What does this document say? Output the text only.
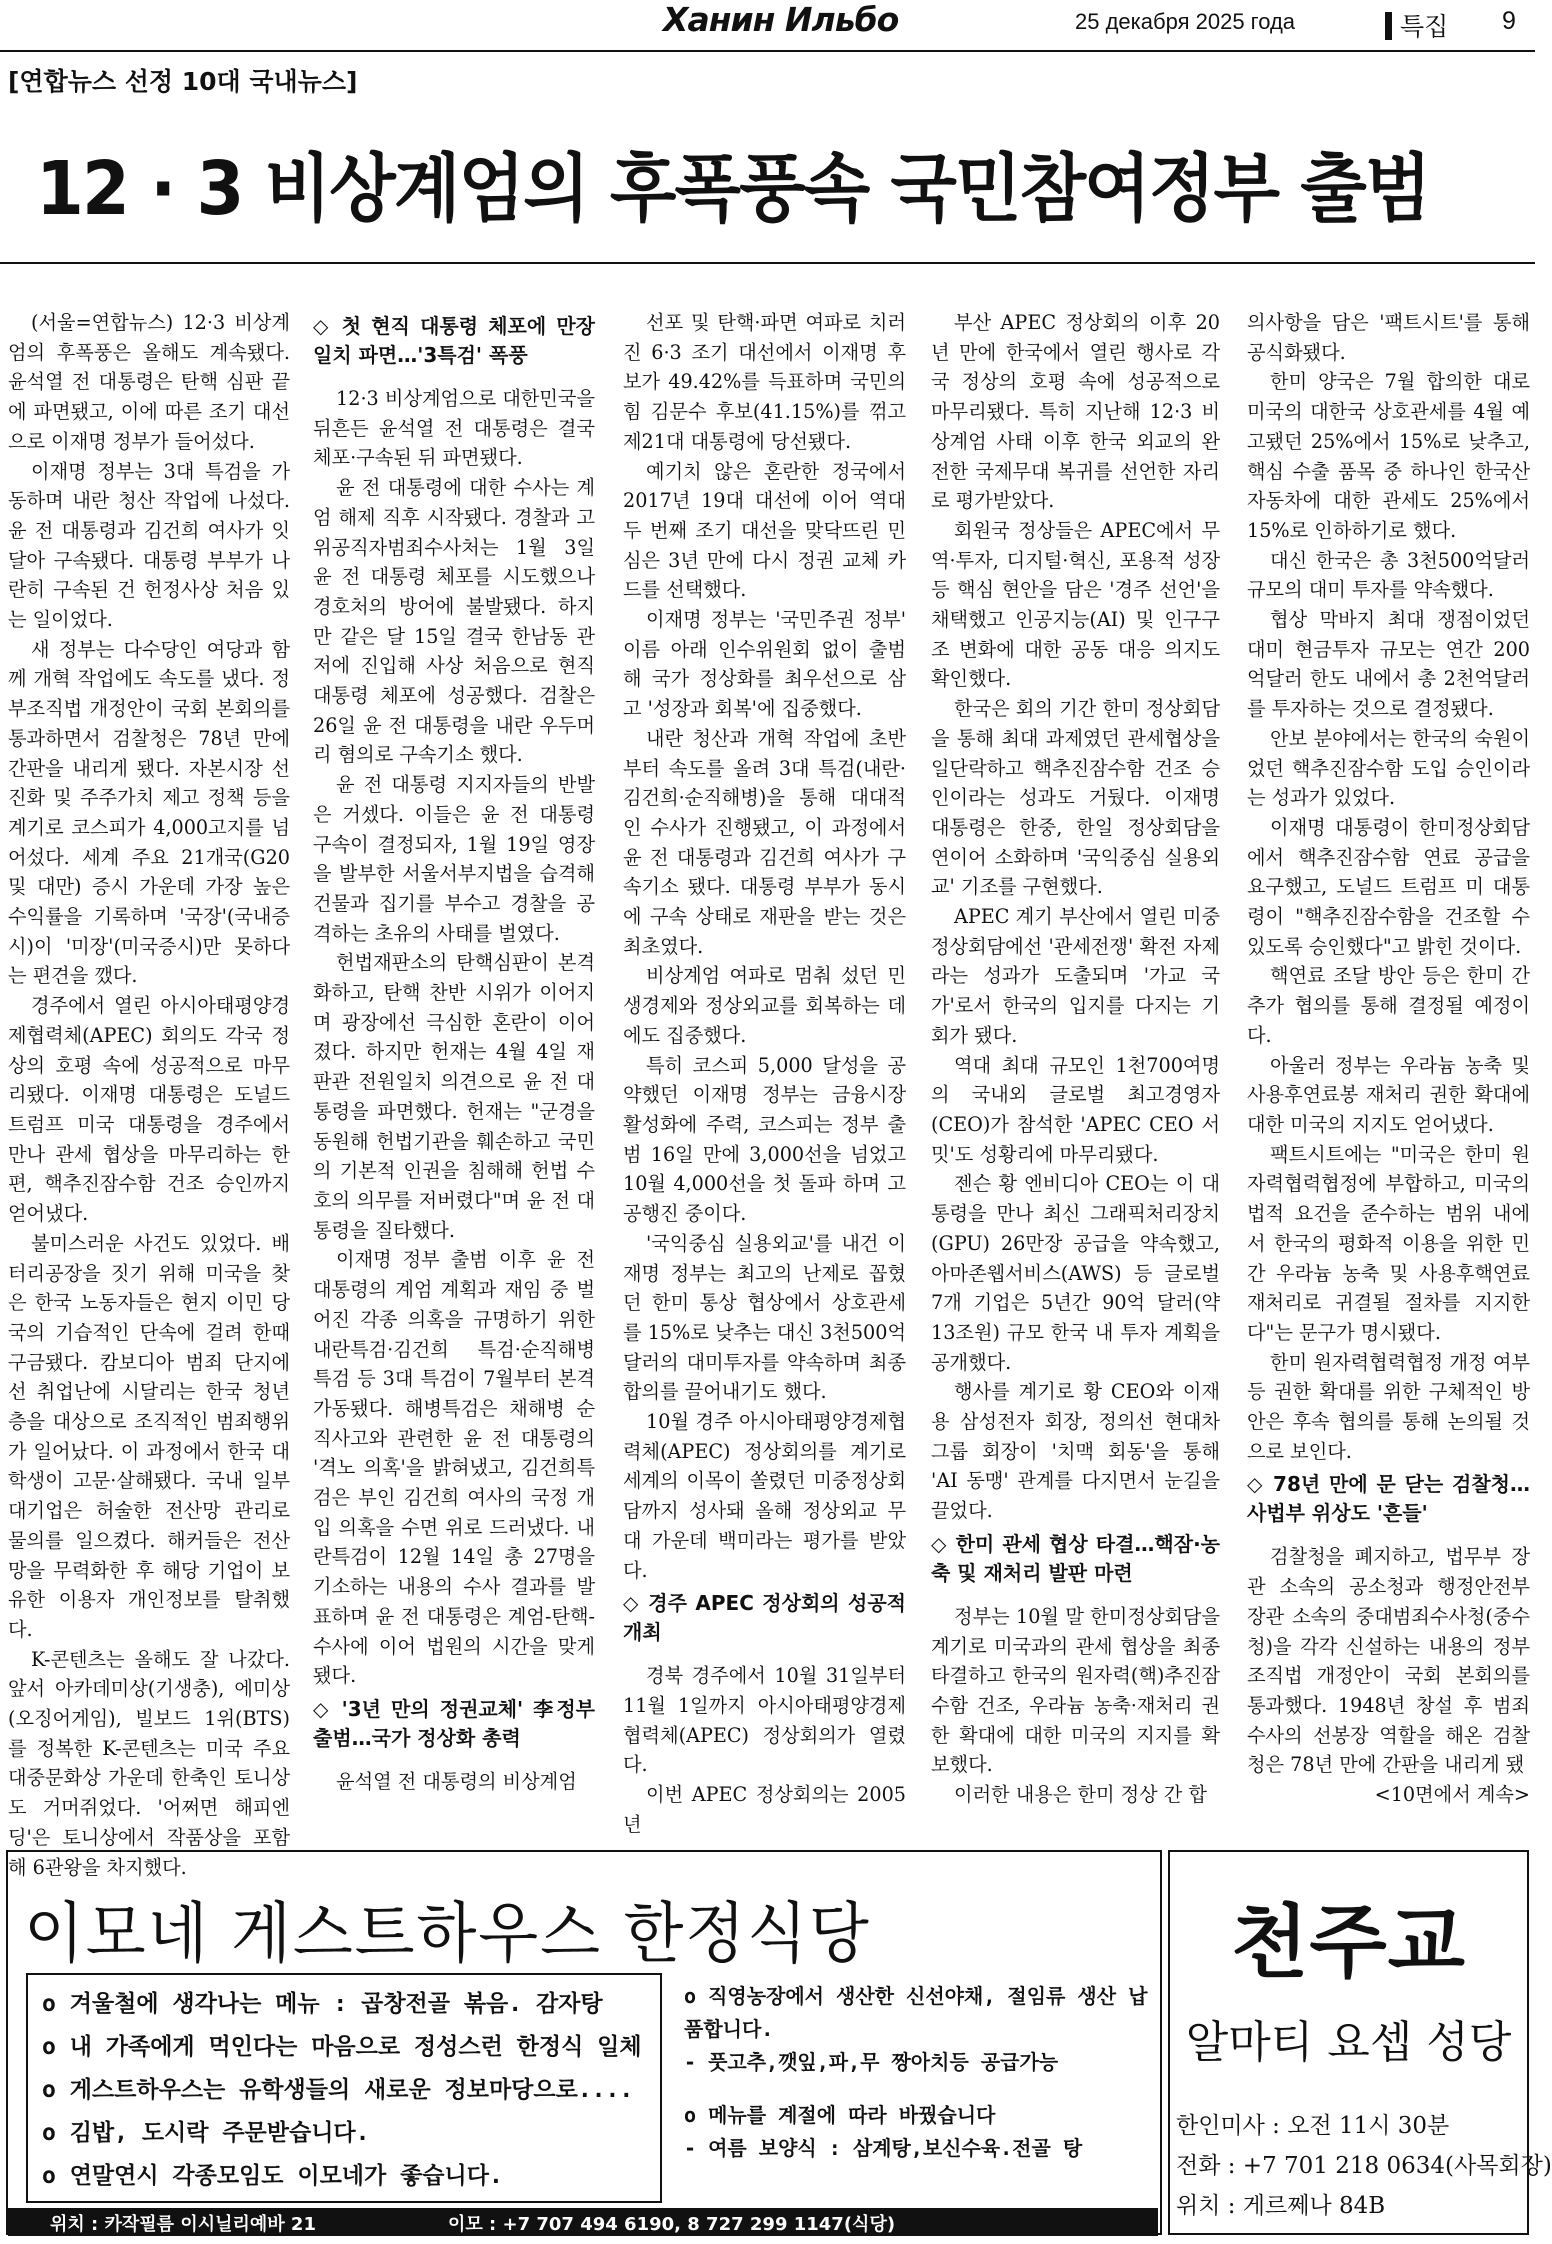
Ханин Ильбо	25 декабря 2025 года	특집 9
[연합뉴스 선정 10대 국내뉴스]
12 · 3 비상계엄의 후폭풍속 국민참여정부 출범

(서울=연합뉴스) 12·3 비상계엄의 후폭풍은 올해도 계속됐다. 윤석열 전 대통령은 탄핵 심판 끝에 파면됐고, 이에 따른 조기 대선으로 이재명 정부가 들어섰다.

이재명 정부는 3대 특검을 가동하며 내란 청산 작업에 나섰다. 윤 전 대통령과 김건희 여사가 잇달아 구속됐다. 대통령 부부가 나란히 구속된 건 헌정사상 처음 있는 일이었다.

새 정부는 다수당인 여당과 함께 개혁 작업에도 속도를 냈다. 정부조직법 개정안이 국회 본회의를 통과하면서 검찰청은 78년 만에 간판을 내리게 됐다. 자본시장 선진화 및 주주가치 제고 정책 등을 계기로 코스피가 4,000고지를 넘어섰다. 세계 주요 21개국(G20 및 대만) 증시 가운데 가장 높은 수익률을 기록하며 '국장'(국내증시)이 '미장'(미국증시)만 못하다는 편견을 깼다.

경주에서 열린 아시아태평양경제협력체(APEC) 회의도 각국 정상의 호평 속에 성공적으로 마무리됐다. 이재명 대통령은 도널드 트럼프 미국 대통령을 경주에서 만나 관세 협상을 마무리하는 한편, 핵추진잠수함 건조 승인까지 얻어냈다.

불미스러운 사건도 있었다. 배터리공장을 짓기 위해 미국을 찾은 한국 노동자들은 현지 이민 당국의 기습적인 단속에 걸려 한때 구금됐다. 캄보디아 범죄 단지에선 취업난에 시달리는 한국 청년층을 대상으로 조직적인 범죄행위가 일어났다. 이 과정에서 한국 대학생이 고문·살해됐다. 국내 일부 대기업은 허술한 전산망 관리로 물의를 일으켰다. 해커들은 전산망을 무력화한 후 해당 기업이 보유한 이용자 개인정보를 탈취했다.

K-콘텐츠는 올해도 잘 나갔다. 앞서 아카데미상(기생충), 에미상(오징어게임), 빌보드 1위(BTS)를 정복한 K-콘텐츠는 미국 주요 대중문화상 가운데 한축인 토니상도 거머쥐었다. '어쩌면 해피엔딩'은 토니상에서 작품상을 포함해 6관왕을 차지했다.

◇ 첫 현직 대통령 체포에 만장일치 파면…'3특검' 폭풍

12·3 비상계엄으로 대한민국을 뒤흔든 윤석열 전 대통령은 결국 체포·구속된 뒤 파면됐다.

윤 전 대통령에 대한 수사는 계엄 해제 직후 시작됐다. 경찰과 고위공직자범죄수사처는 1월 3일 윤 전 대통령 체포를 시도했으나 경호처의 방어에 불발됐다. 하지만 같은 달 15일 결국 한남동 관저에 진입해 사상 처음으로 현직 대통령 체포에 성공했다. 검찰은 26일 윤 전 대통령을 내란 우두머리 혐의로 구속기소 했다.

윤 전 대통령 지지자들의 반발은 거셌다. 이들은 윤 전 대통령 구속이 결정되자, 1월 19일 영장을 발부한 서울서부지법을 습격해 건물과 집기를 부수고 경찰을 공격하는 초유의 사태를 벌였다.

헌법재판소의 탄핵심판이 본격화하고, 탄핵 찬반 시위가 이어지며 광장에선 극심한 혼란이 이어졌다. 하지만 헌재는 4월 4일 재판관 전원일치 의견으로 윤 전 대통령을 파면했다. 헌재는 "군경을 동원해 헌법기관을 훼손하고 국민의 기본적 인권을 침해해 헌법 수호의 의무를 저버렸다"며 윤 전 대통령을 질타했다.

이재명 정부 출범 이후 윤 전 대통령의 계엄 계획과 재임 중 벌어진 각종 의혹을 규명하기 위한 내란특검·김건희 특검·순직해병 특검 등 3대 특검이 7월부터 본격 가동됐다. 해병특검은 채해병 순직사고와 관련한 윤 전 대통령의 '격노 의혹'을 밝혀냈고, 김건희특검은 부인 김건희 여사의 국정 개입 의혹을 수면 위로 드러냈다. 내란특검이 12월 14일 총 27명을 기소하는 내용의 수사 결과를 발표하며 윤 전 대통령은 계엄-탄핵-수사에 이어 법원의 시간을 맞게 됐다.

◇ '3년 만의 정권교체' 李정부 출범…국가 정상화 총력

윤석열 전 대통령의 비상계엄

선포 및 탄핵·파면 여파로 치러진 6·3 조기 대선에서 이재명 후보가 49.42%를 득표하며 국민의힘 김문수 후보(41.15%)를 꺾고 제21대 대통령에 당선됐다.

예기치 않은 혼란한 정국에서 2017년 19대 대선에 이어 역대 두 번째 조기 대선을 맞닥뜨린 민심은 3년 만에 다시 정권 교체 카드를 선택했다.

이재명 정부는 '국민주권 정부' 이름 아래 인수위원회 없이 출범해 국가 정상화를 최우선으로 삼고 '성장과 회복'에 집중했다.

내란 청산과 개혁 작업에 초반부터 속도를 올려 3대 특검(내란·김건희·순직해병)을 통해 대대적인 수사가 진행됐고, 이 과정에서 윤 전 대통령과 김건희 여사가 구속기소 됐다. 대통령 부부가 동시에 구속 상태로 재판을 받는 것은 최초였다.

비상계엄 여파로 멈춰 섰던 민생경제와 정상외교를 회복하는 데에도 집중했다.

특히 코스피 5,000 달성을 공약했던 이재명 정부는 금융시장 활성화에 주력, 코스피는 정부 출범 16일 만에 3,000선을 넘었고 10월 4,000선을 첫 돌파 하며 고공행진 중이다.

'국익중심 실용외교'를 내건 이재명 정부는 최고의 난제로 꼽혔던 한미 통상 협상에서 상호관세를 15%로 낮추는 대신 3천500억 달러의 대미투자를 약속하며 최종 합의를 끌어내기도 했다.

10월 경주 아시아태평양경제협력체(APEC) 정상회의를 계기로 세계의 이목이 쏠렸던 미중정상회담까지 성사돼 올해 정상외교 무대 가운데 백미라는 평가를 받았다.

◇ 경주 APEC 정상회의 성공적 개최

경북 경주에서 10월 31일부터 11월 1일까지 아시아태평양경제협력체(APEC) 정상회의가 열렸다.

이번 APEC 정상회의는 2005년

부산 APEC 정상회의 이후 20년 만에 한국에서 열린 행사로 각국 정상의 호평 속에 성공적으로 마무리됐다. 특히 지난해 12·3 비상계엄 사태 이후 한국 외교의 완전한 국제무대 복귀를 선언한 자리로 평가받았다.

회원국 정상들은 APEC에서 무역·투자, 디지털·혁신, 포용적 성장 등 핵심 현안을 담은 '경주 선언'을 채택했고 인공지능(AI) 및 인구구조 변화에 대한 공동 대응 의지도 확인했다.

한국은 회의 기간 한미 정상회담을 통해 최대 과제였던 관세협상을 일단락하고 핵추진잠수함 건조 승인이라는 성과도 거뒀다. 이재명 대통령은 한중, 한일 정상회담을 연이어 소화하며 '국익중심 실용외교' 기조를 구현했다.

APEC 계기 부산에서 열린 미중 정상회담에선 '관세전쟁' 확전 자제라는 성과가 도출되며 '가교 국가'로서 한국의 입지를 다지는 기회가 됐다.

역대 최대 규모인 1천700여명의 국내외 글로벌 최고경영자(CEO)가 참석한 'APEC CEO 서밋'도 성황리에 마무리됐다.

젠슨 황 엔비디아 CEO는 이 대통령을 만나 최신 그래픽처리장치(GPU) 26만장 공급을 약속했고, 아마존웹서비스(AWS) 등 글로벌 7개 기업은 5년간 90억 달러(약 13조원) 규모 한국 내 투자 계획을 공개했다.

행사를 계기로 황 CEO와 이재용 삼성전자 회장, 정의선 현대차그룹 회장이 '치맥 회동'을 통해 'AI 동맹' 관계를 다지면서 눈길을 끌었다.

◇ 한미 관세 협상 타결…핵잠·농축 및 재처리 발판 마련

정부는 10월 말 한미정상회담을 계기로 미국과의 관세 협상을 최종 타결하고 한국의 원자력(핵)추진잠수함 건조, 우라늄 농축·재처리 권한 확대에 대한 미국의 지지를 확보했다.

이러한 내용은 한미 정상 간 합

의사항을 담은 '팩트시트'를 통해 공식화됐다.

한미 양국은 7월 합의한 대로 미국의 대한국 상호관세를 4월 예고됐던 25%에서 15%로 낮추고, 핵심 수출 품목 중 하나인 한국산 자동차에 대한 관세도 25%에서 15%로 인하하기로 했다.

대신 한국은 총 3천500억달러 규모의 대미 투자를 약속했다.

협상 막바지 최대 쟁점이었던 대미 현금투자 규모는 연간 200억달러 한도 내에서 총 2천억달러를 투자하는 것으로 결정됐다.

안보 분야에서는 한국의 숙원이었던 핵추진잠수함 도입 승인이라는 성과가 있었다.

이재명 대통령이 한미정상회담에서 핵추진잠수함 연료 공급을 요구했고, 도널드 트럼프 미 대통령이 "핵추진잠수함을 건조할 수 있도록 승인했다"고 밝힌 것이다.

핵연료 조달 방안 등은 한미 간 추가 협의를 통해 결정될 예정이다.

아울러 정부는 우라늄 농축 및 사용후연료봉 재처리 권한 확대에 대한 미국의 지지도 얻어냈다.

팩트시트에는 "미국은 한미 원자력협력협정에 부합하고, 미국의 법적 요건을 준수하는 범위 내에서 한국의 평화적 이용을 위한 민간 우라늄 농축 및 사용후핵연료 재처리로 귀결될 절차를 지지한다"는 문구가 명시됐다.

한미 원자력협력협정 개정 여부 등 권한 확대를 위한 구체적인 방안은 후속 협의를 통해 논의될 것으로 보인다.

◇ 78년 만에 문 닫는 검찰청…사법부 위상도 '흔들'

검찰청을 폐지하고, 법무부 장관 소속의 공소청과 행정안전부 장관 소속의 중대범죄수사청(중수청)을 각각 신설하는 내용의 정부조직법 개정안이 국회 본회의를 통과했다. 1948년 창설 후 범죄 수사의 선봉장 역할을 해온 검찰청은 78년 만에 간판을 내리게 됐

<10면에서 계속>

이모네 게스트하우스 한정식당
o 겨울철에 생각나는 메뉴 : 곱창전골 볶음. 감자탕
o 내 가족에게 먹인다는 마음으로 정성스런 한정식 일체
o 게스트하우스는 유학생들의 새로운 정보마당으로....
o 김밥, 도시락 주문받습니다.
o 연말연시 각종모임도 이모네가 좋습니다.
o 직영농장에서 생산한 신선야채, 절임류 생산 납품합니다.
- 풋고추,깻잎,파,무 짱아치등 공급가능
o 메뉴를 계절에 따라 바꿨습니다
- 여름 보양식 : 삼계탕,보신수육.전골 탕
위치 : 카작필름 이시닐리예바 21	이모 : +7 707 494 6190, 8 727 299 1147(식당)
천주교
알마티 요셉 성당
한인미사 : 오전 11시 30분
전화 : +7 701 218 0634(사목회장)
위치 : 게르쩨나 84B
